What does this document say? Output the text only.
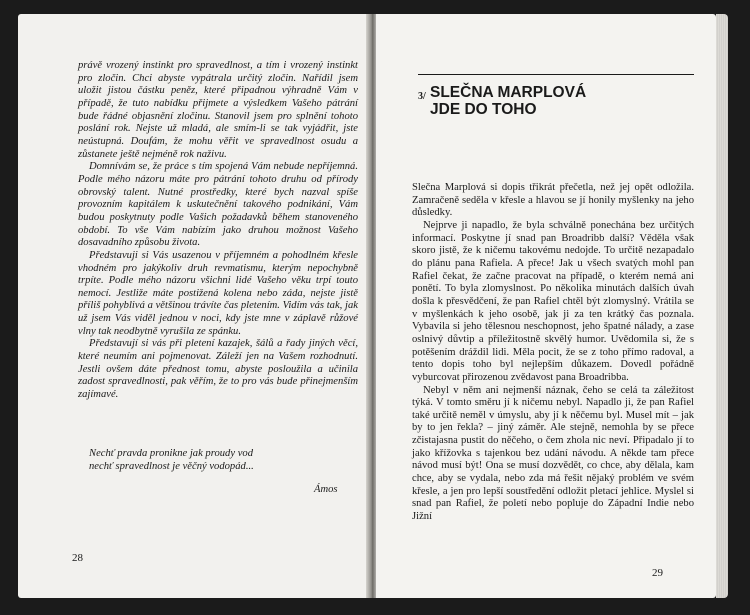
právě vrozený instinkt pro spravedlnost, a tím i vrozený instinkt pro zločin. Chci abyste vypátrala určitý zločin. Nařídil jsem uložit jistou částku peněz, které připadnou výhradně Vám v případě, že tuto nabídku přijmete a výsledkem Vašeho pátrání bude řádné objasnění zločinu. Stanovil jsem pro splnění tohoto poslání rok. Nejste už mladá, ale smím-li se tak vyjádřit, jste neústupná. Doufám, že mohu věřit ve spravedlnost osudu a zůstanete ještě nejméně rok naživu.

Domnívám se, že práce s tím spojená Vám nebude nepříjemná. Podle mého názoru máte pro pátrání tohoto druhu od přírody obrovský talent. Nutné prostředky, které bych nazval spíše provozním kapitálem k uskutečnění takového podnikání, Vám budou poskytnuty podle Vašich požadavků během stanoveného období. To vše Vám nabízím jako druhou možnost Vašeho dosavadního způsobu života.

Představuji si Vás usazenou v příjemném a pohodlném křesle vhodném pro jakýkoliv druh revmatismu, kterým nepochybně trpíte. Podle mého názoru všichni lidé Vašeho věku trpí touto nemocí. Jestliže máte postižená kolena nebo záda, nejste jistě příliš pohyblivá a většinou trávíte čas pletením. Vidím vás tak, jak už jsem Vás viděl jednou v noci, kdy jste mne v záplavě růžové vlny tak neodbytně vyrušila ze spánku.

Představují si vás při pletení kazajek, šálů a řady jiných věcí, které neumím ani pojmenovat. Záleží jen na Vašem rozhodnutí. Jestli ovšem dáte přednost tomu, abyste posloužila a učinila zadost spravedlnosti, pak věřím, že to pro vás bude přinejmenším zajímavé.

Nechť pravda pronikne jak proudy vod

nechť spravedlnost je věčný vodopád...

Ámos
28
3/ SLEČNA MARPLOVÁ
JDE DO TOHO

Slečna Marplová si dopis třikrát přečetla, než jej opět odložila. Zamračeně seděla v křesle a hlavou se jí honily myšlenky na jeho důsledky.

Nejprve ji napadlo, že byla schválně ponechána bez určitých informací. Poskytne jí snad pan Broadribb další? Věděla však skoro jistě, že k ničemu takovému nedojde. To určitě nezapadalo do plánu pana Rafiela. A přece! Jak u všech svatých mohl pan Rafiel čekat, že začne pracovat na případě, o kterém nemá ani ponětí. To byla zlomyslnost. Po několika minutách dalších úvah došla k přesvědčení, že pan Rafiel chtěl být zlomyslný. Vrátila se v myšlenkách k jeho osobě, jak ji za ten krátký čas poznala. Vybavila si jeho tělesnou neschopnost, jeho špatné nálady, a zase oslnivý důvtip a příležitostně skvělý humor. Uvědomila si, že s potěšením dráždil lidi. Měla pocit, že se z toho přímo radoval, a tento dopis toho byl nejlepším důkazem. Dovedl pořádně vyburcovat přirozenou zvědavost pana Broadribba.

Nebyl v něm ani nejmenší náznak, čeho se celá ta záležitost týká. V tomto směru jí k ničemu nebyl. Napadlo ji, že pan Rafiel také určitě neměl v úmyslu, aby jí k něčemu byl. Musel mít – jak by to jen řekla? – jiný záměr. Ale stejně, nemohla by se přece zčistajasna pustit do něčeho, o čem zhola nic neví. Připadalo jí to jako křížovka s tajenkou bez udání návodu. A někde tam přece návod musí být! Ona se musí dozvědět, co chce, aby dělala, kam chce, aby se vydala, nebo zda má řešit nějaký problém ve svém křesle, a jen pro lepší soustředění odložit pletací jehlice. Myslel si snad pan Rafiel, že poletí nebo popluje do Západní Indie nebo Jižní

29
